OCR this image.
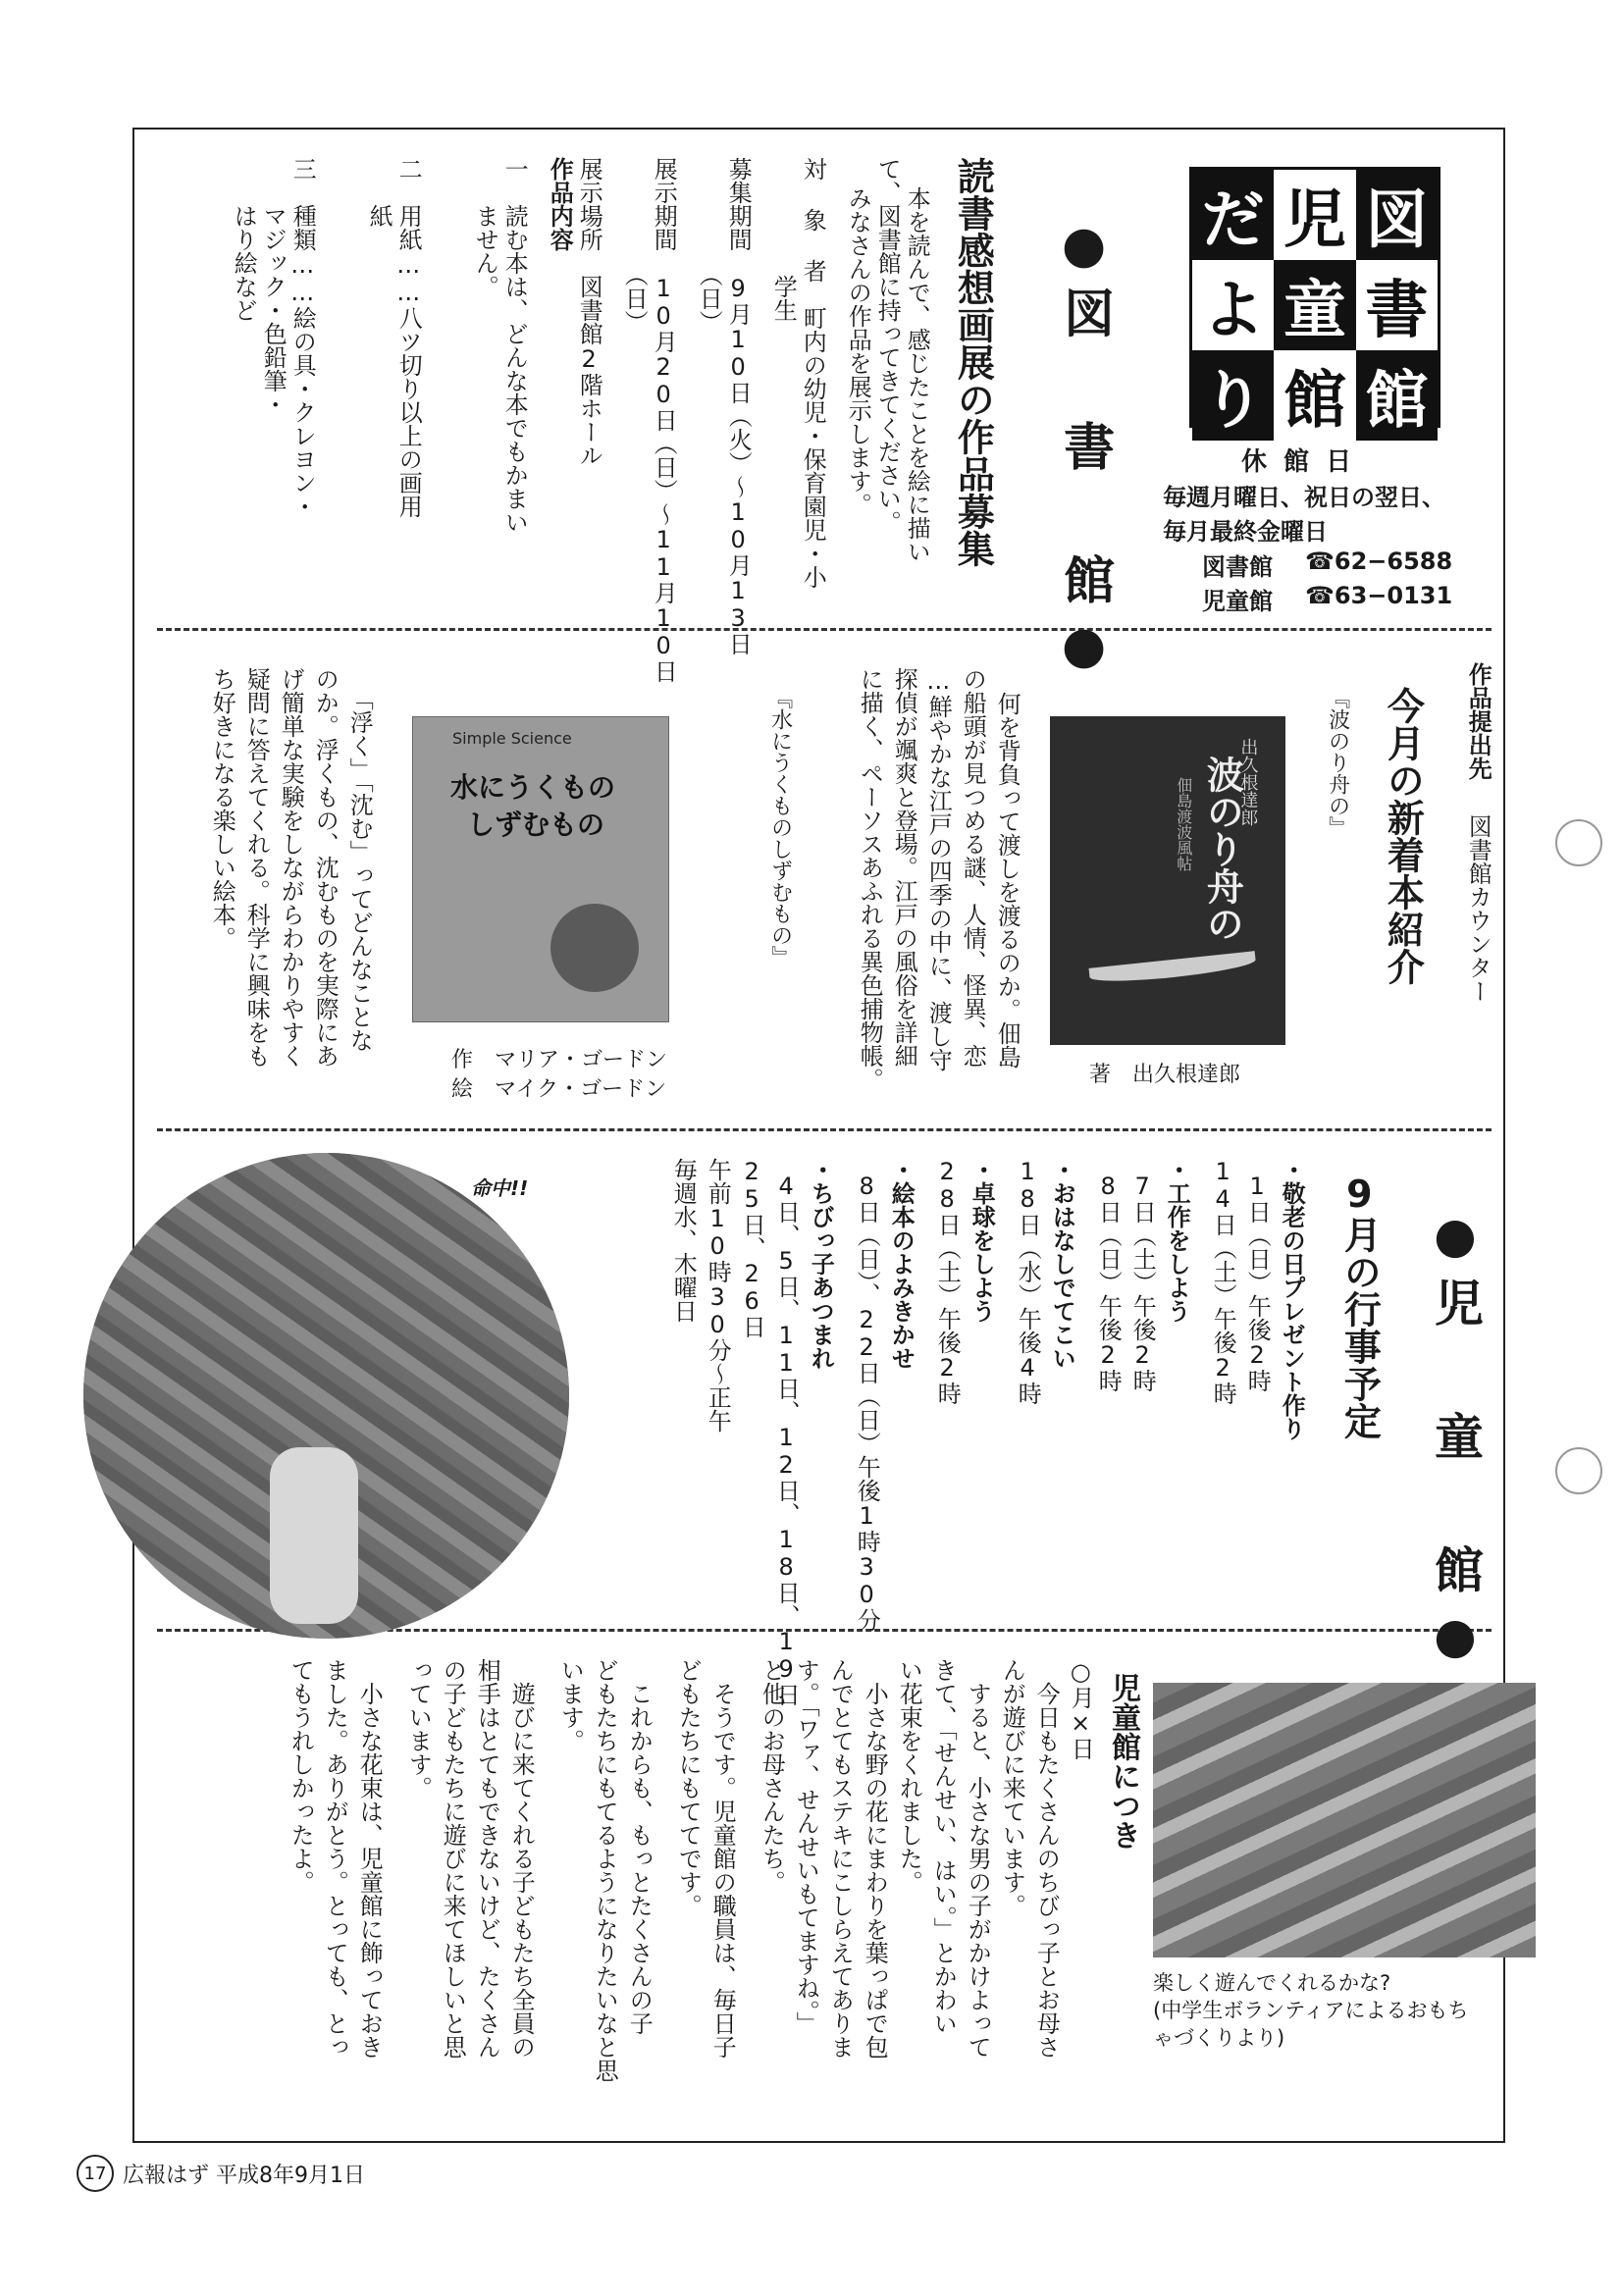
だ 児 図
よ 童 書
り 館 館
休 館 日
毎週月曜日、祝日の翌日、
毎月最終金曜日
図書館 ☎62−6588
児童館 ☎63−0131
●図 書 館●
読書感想画展の作品募集
本を読んで、感じたことを絵に描い
て、図書館に持ってきてください。
みなさんの作品を展示します。
対 象 者　町内の幼児・保育園児・小
　　　　　学生
募集期間　9月10日（火）〜10月13日
　　　　　（日）
展示期間　10月20日（日）〜11月10日
　　　　　（日）
展示場所　図書館2階ホール
作品内容
一　読む本は、どんな本でもかまい
　　ません。
二　用紙……八ツ切り以上の画用
　　紙
三　種類……絵の具・クレヨン・
　　マジック・色鉛筆・
　　はり絵など
作品提出先
図書館カウンター
今月の新着本紹介
『波のり舟の』
出久根達郎
波のり舟の
佃島渡波風帖
著　出久根達郎
何を背負って渡しを渡るのか。佃島
の船頭が見つめる謎、人情、怪異、恋
…鮮やかな江戸の四季の中に、渡し守
探偵が颯爽と登場。江戸の風俗を詳細
に描く、ペーソスあふれる異色捕物帳。
『水にうくものしずむもの』
Simple Science
水にうくもの
しずむもの
作　マリア・ゴードン
絵　マイク・ゴードン
「浮く」「沈む」ってどんなことな
のか。浮くもの、沈むものを実際にあ
げ簡単な実験をしながらわかりやすく
疑問に答えてくれる。科学に興味をも
ち好きになる楽しい絵本。
●児 童 館●
9月の行事予定
・敬老の日プレゼント作り
1日（日）午後2時
14日（土）午後2時
・工作をしよう
7日（土）午後2時
8日（日）午後2時
・おはなしでてこい
18日（水）午後4時
・卓球をしよう
28日（土）午後2時
・絵本のよみきかせ
8日（日）、22日（日）午後1時30分
・ちびっ子あつまれ
4日、5日、11日、12日、18日、19日
25日、26日
午前10時30分〜正午
毎週水、木曜日
命中!!
楽しく遊んでくれるかな?
(中学生ボランティアによるおもち
ゃづくりより)
児童館につき
○月×日
　今日もたくさんのちびっ子とお母さ
んが遊びに来ています。
　すると、小さな男の子がかけよって
きて、「せんせい、はい。」とかわい
い花束をくれました。
　小さな野の花にまわりを葉っぱで包
んでとてもステキにこしらえてありま
す。「ワァ、せんせいもてますね。」
と他のお母さんたち。
　そうです。児童館の職員は、毎日子
どもたちにもててです。
　これからも、もっとたくさんの子
どもたちにもてるようになりたいなと思
います。
　遊びに来てくれる子どもたち全員の
相手はとてもできないけど、たくさん
の子どもたちに遊びに来てほしいと思
っています。
　小さな花束は、児童館に飾っておき
ました。ありがとう。とっても、とっ
てもうれしかったよ。
17 広報はず 平成8年9月1日
